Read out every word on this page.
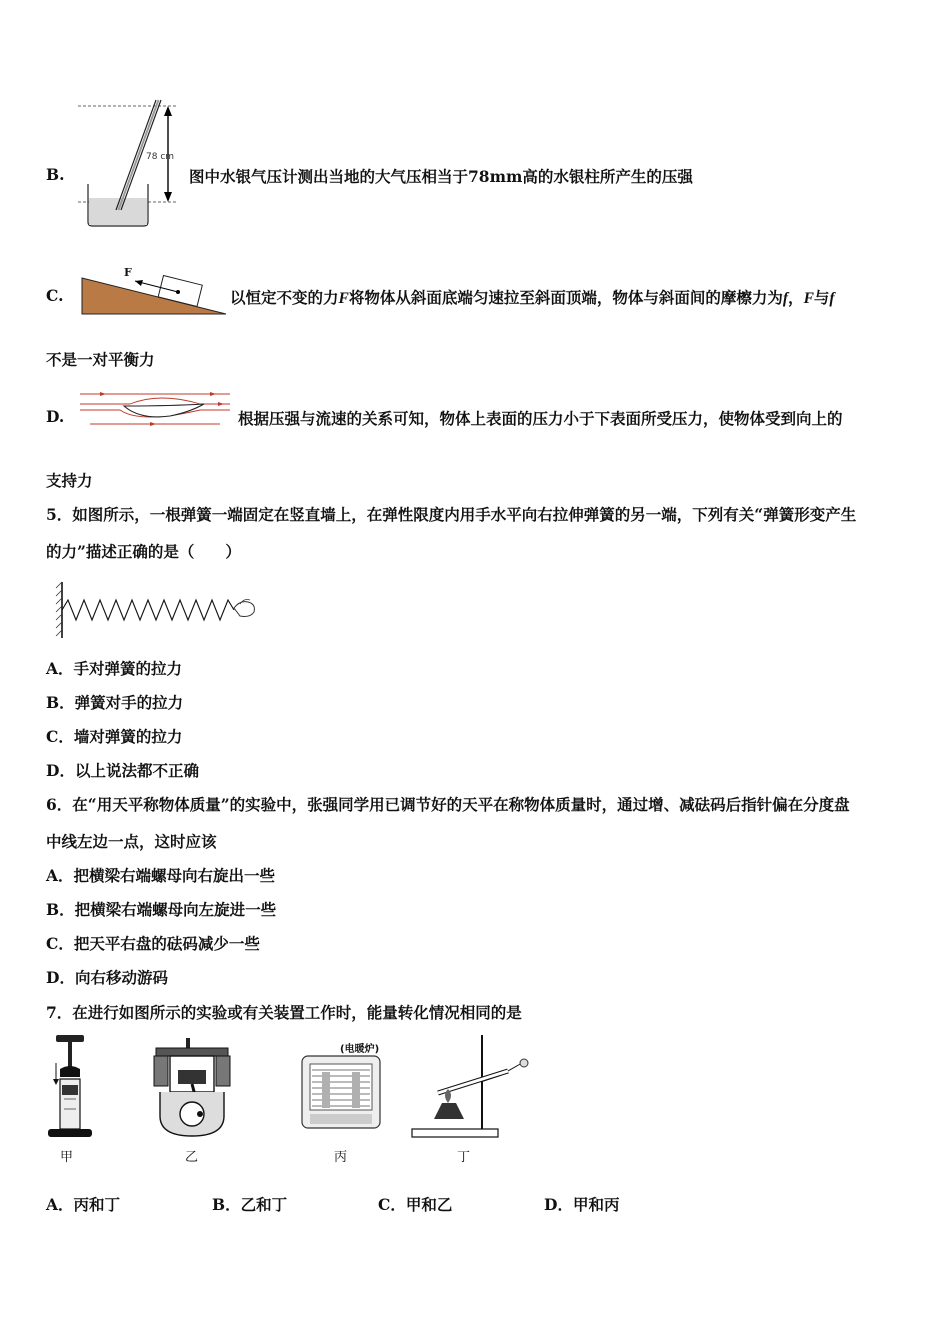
B.
78 cm
图中水银气压计测出当地的大气压相当于78mm高的水银柱所产生的压强
C.
F
以恒定不变的力F将物体从斜面底端匀速拉至斜面顶端，物体与斜面间的摩檫力为f，F与f
不是一对平衡力
D.	根据压强与流速的关系可知，物体上表面的压力小于下表面所受压力，使物体受到向上的
支持力
5．如图所示，一根弹簧一端固定在竖直墙上，在弹性限度内用手水平向右拉伸弹簧的另一端，下列有关“弹簧形变产生
的力”描述正确的是（　　）
A．手对弹簧的拉力
B．弹簧对手的拉力
C．墙对弹簧的拉力
D．以上说法都不正确
6．在“用天平称物体质量”的实验中，张强同学用已调节好的天平在称物体质量时，通过增、减砝码后指针偏在分度盘
中线左边一点，这时应该
A．把横梁右端螺母向右旋出一些
B．把横梁右端螺母向左旋进一些
C．把天平右盘的砝码减少一些
D．向右移动游码
7．在进行如图所示的实验或有关装置工作时，能量转化情况相同的是
(电暖炉)
甲	乙	丙	丁
A．丙和丁	B．乙和丁	C．甲和乙	D．甲和丙
